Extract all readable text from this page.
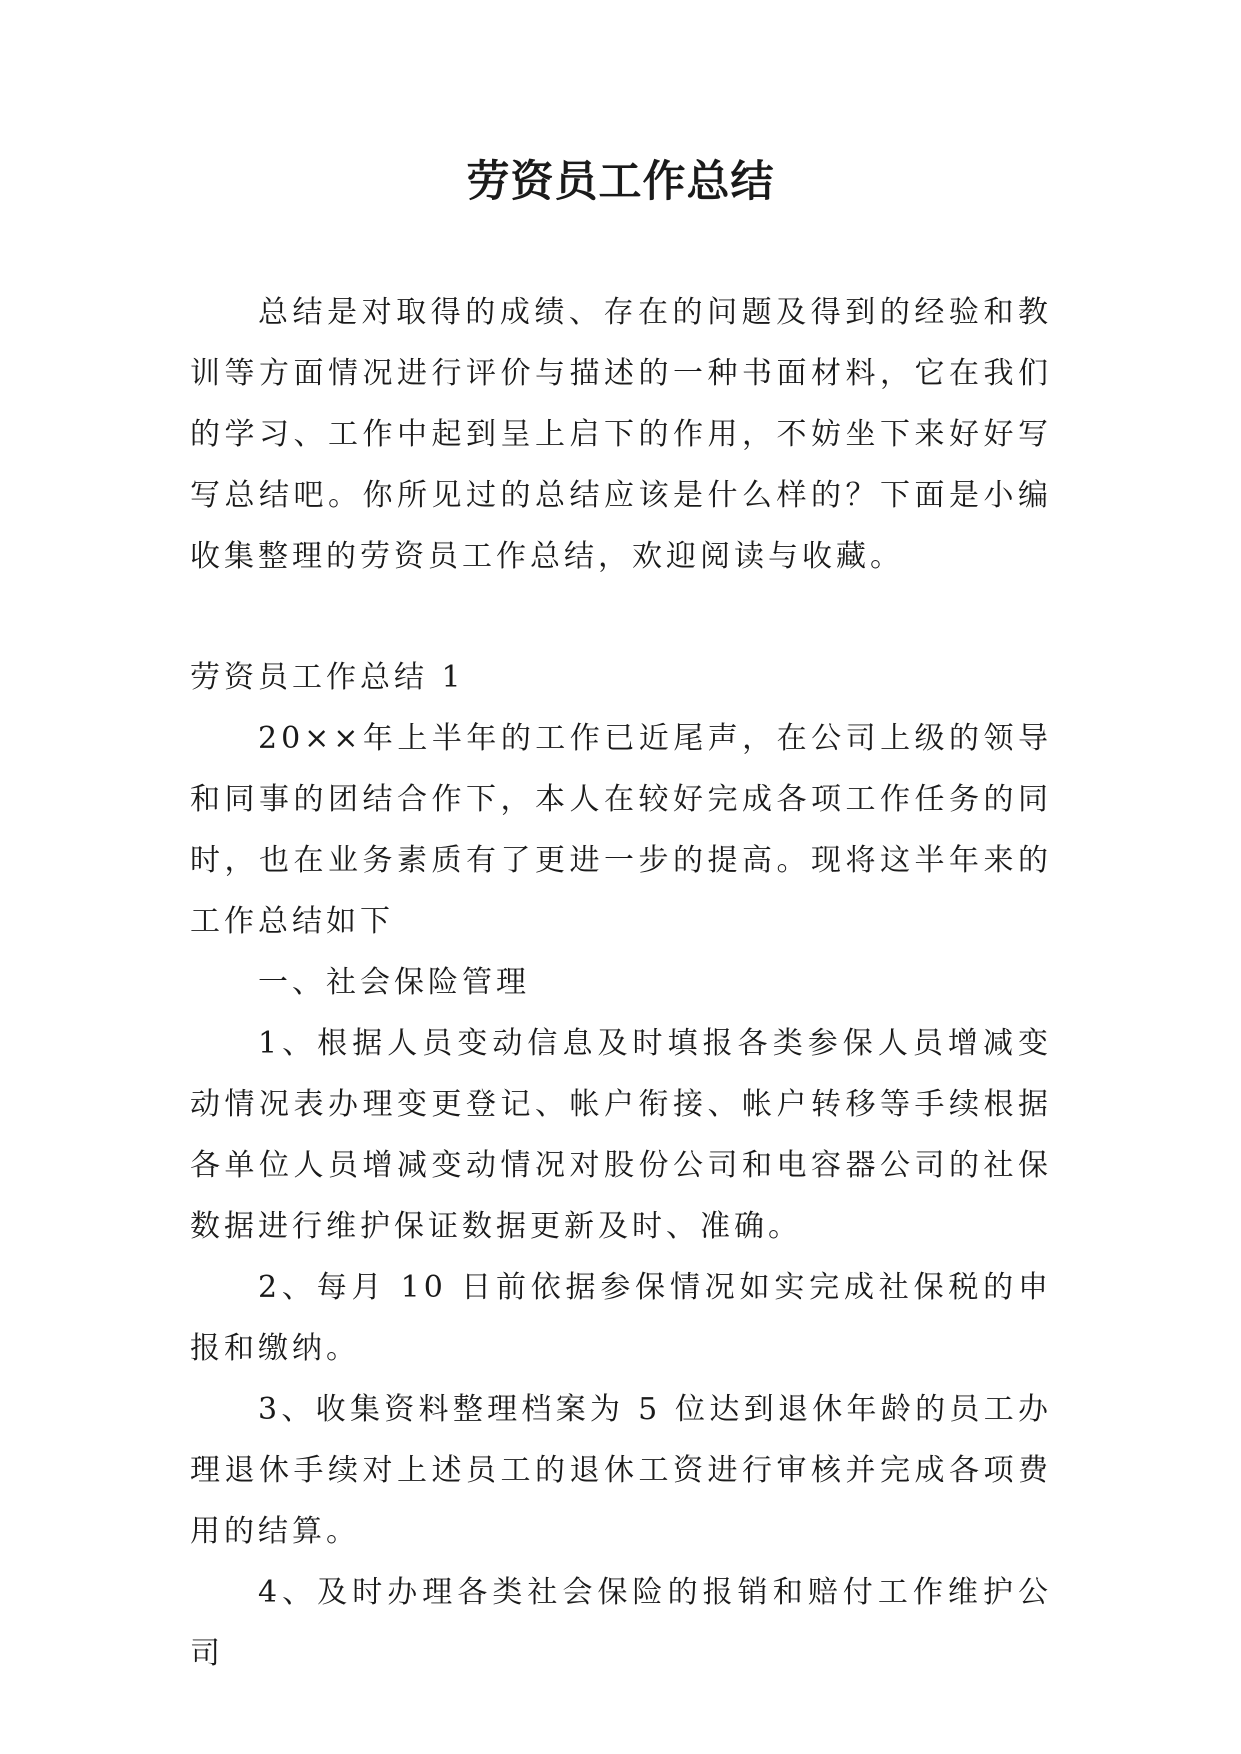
劳资员工作总结

总结是对取得的成绩、存在的问题及得到的经验和教训等方面情况进行评价与描述的一种书面材料，它在我们的学习、工作中起到呈上启下的作用，不妨坐下来好好写写总结吧。你所见过的总结应该是什么样的？下面是小编收集整理的劳资员工作总结，欢迎阅读与收藏。

劳资员工作总结 1

20××年上半年的工作已近尾声，在公司上级的领导和同事的团结合作下，本人在较好完成各项工作任务的同时，也在业务素质有了更进一步的提高。现将这半年来的工作总结如下

一、社会保险管理

1、根据人员变动信息及时填报各类参保人员增减变动情况表办理变更登记、帐户衔接、帐户转移等手续根据各单位人员增减变动情况对股份公司和电容器公司的社保数据进行维护保证数据更新及时、准确。

2、每月 10 日前依据参保情况如实完成社保税的申报和缴纳。

3、收集资料整理档案为 5 位达到退休年龄的员工办理退休手续对上述员工的退休工资进行审核并完成各项费用的结算。

4、及时办理各类社会保险的报销和赔付工作维护公司
